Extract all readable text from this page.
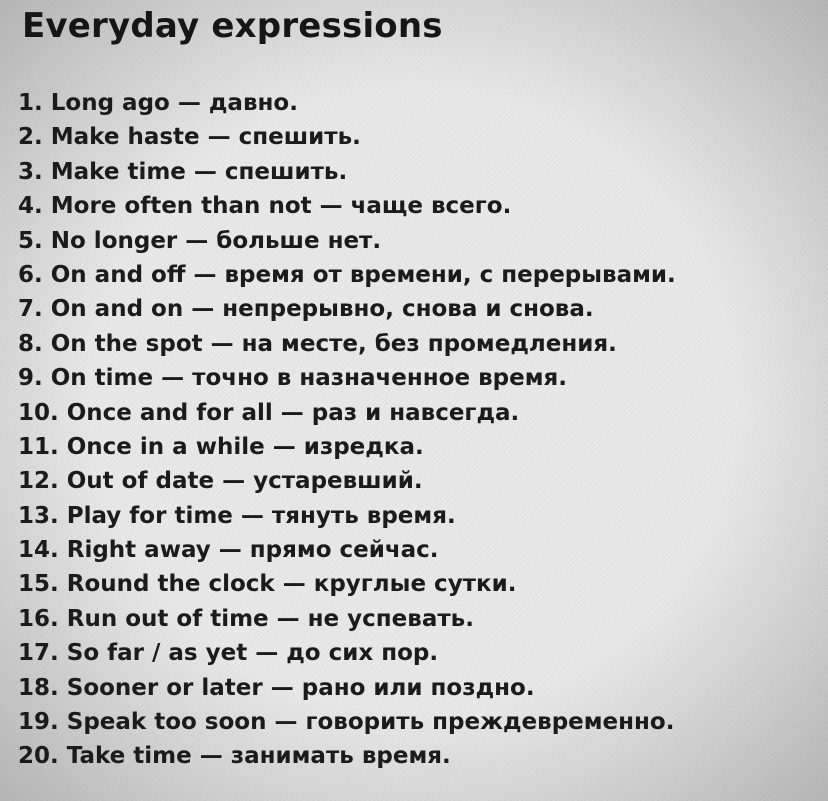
Everyday expressions
1. Long ago — давно.
2. Make haste — спешить.
3. Make time — спешить.
4. More often than not — чаще всего.
5. No longer — больше нет.
6. On and off — время от времени, с перерывами.
7. On and on — непрерывно, снова и снова.
8. On the spot — на месте, без промедления.
9. On time — точно в назначенное время.
10. Once and for all — раз и навсегда.
11. Once in a while — изредка.
12. Out of date — устаревший.
13. Play for time — тянуть время.
14. Right away — прямо сейчас.
15. Round the clock — круглые сутки.
16. Run out of time — не успевать.
17. So far / as yet — до сих пор.
18. Sooner or later — рано или поздно.
19. Speak too soon — говорить преждевременно.
20. Take time — занимать время.
